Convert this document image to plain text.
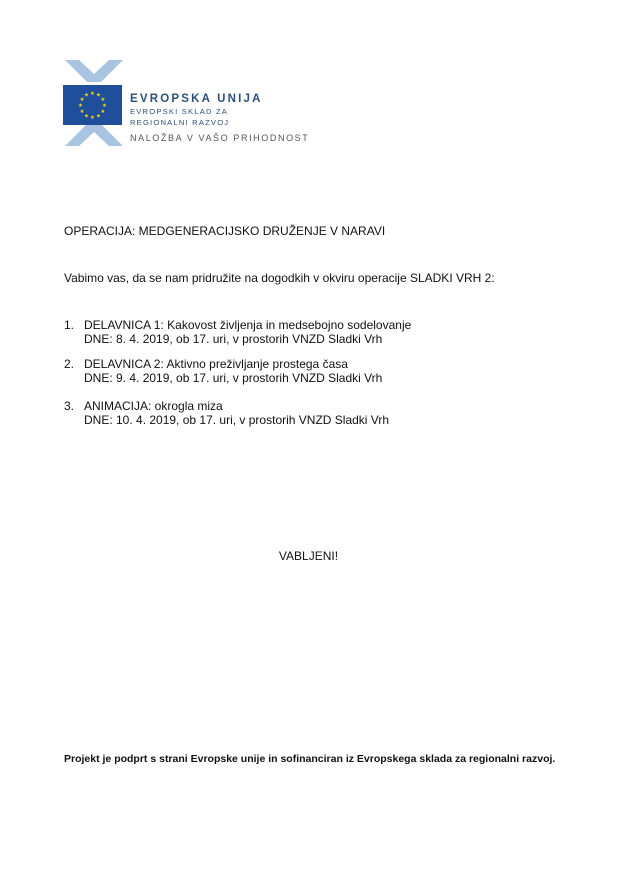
★ ★
★
★
★
★
★
★
★
★
★
★	EVROPSKA UNIJA
EVROPSKI SKLAD ZA
REGIONALNI RAZVOJ
NALOŽBA V VAŠO PRIHODNOST
OPERACIJA: MEDGENERACIJSKO DRUŽENJE V NARAVI
Vabimo vas, da se nam pridružite na dogodkih v okviru operacije SLADKI VRH 2:
1. DELAVNICA 1: Kakovost življenja in medsebojno sodelovanje
DNE: 8. 4. 2019, ob 17. uri, v prostorih VNZD Sladki Vrh
2. DELAVNICA 2: Aktivno preživljanje prostega časa
DNE: 9. 4. 2019, ob 17. uri, v prostorih VNZD Sladki Vrh
3. ANIMACIJA: okrogla miza
DNE: 10. 4. 2019, ob 17. uri, v prostorih VNZD Sladki Vrh
VABLJENI!
Projekt je podprt s strani Evropske unije in sofinanciran iz Evropskega sklada za regionalni razvoj.
